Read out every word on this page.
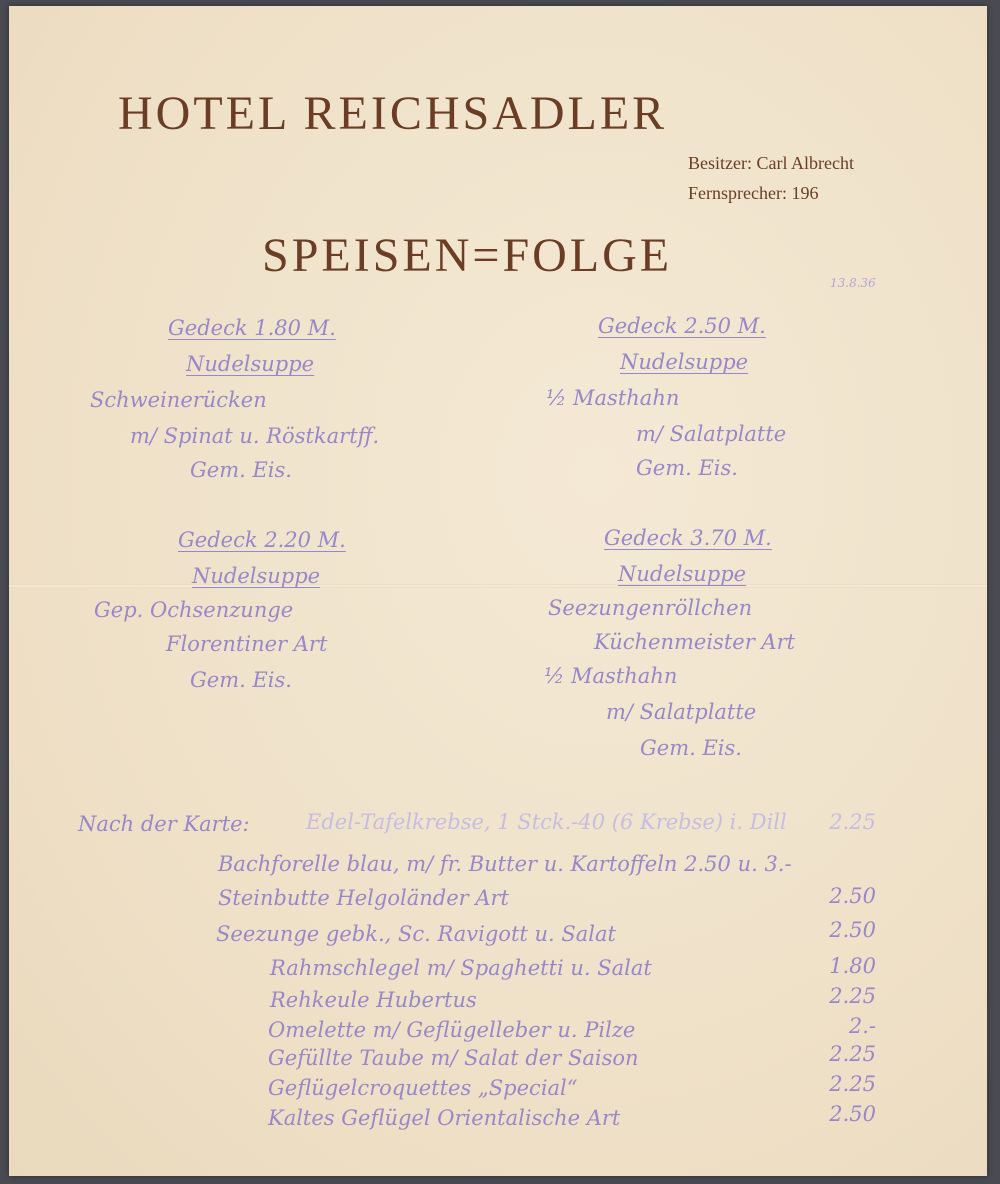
HOTEL REICHSADLER
Besitzer: Carl Albrecht
Fernsprecher: 196
SPEISEN=FOLGE
13.8.36
Gedeck 1.80 M.
Nudelsuppe
Schweinerücken
m/ Spinat u. Röstkartff.
Gem. Eis.
Gedeck 2.50 M.
Nudelsuppe
½ Masthahn
m/ Salatplatte
Gem. Eis.
Gedeck 2.20 M.
Nudelsuppe
Gep. Ochsenzunge
Florentiner Art
Gem. Eis.
Gedeck 3.70 M.
Nudelsuppe
Seezungenröllchen
Küchenmeister Art
½ Masthahn
m/ Salatplatte
Gem. Eis.
Nach der Karte:	Edel-Tafelkrebse, 1 Stck.-40 (6 Krebse) i. Dill	2.25
Bachforelle blau, m/ fr. Butter u. Kartoffeln 2.50 u. 3.-
Steinbutte Helgoländer Art	2.50
Seezunge gebk., Sc. Ravigott u. Salat	2.50
Rahmschlegel m/ Spaghetti u. Salat	1.80
Rehkeule Hubertus	2.25
Omelette m/ Geflügelleber u. Pilze	2.-
Gefüllte Taube m/ Salat der Saison	2.25
Geflügelcroquettes „Special“	2.25
Kaltes Geflügel Orientalische Art	2.50
